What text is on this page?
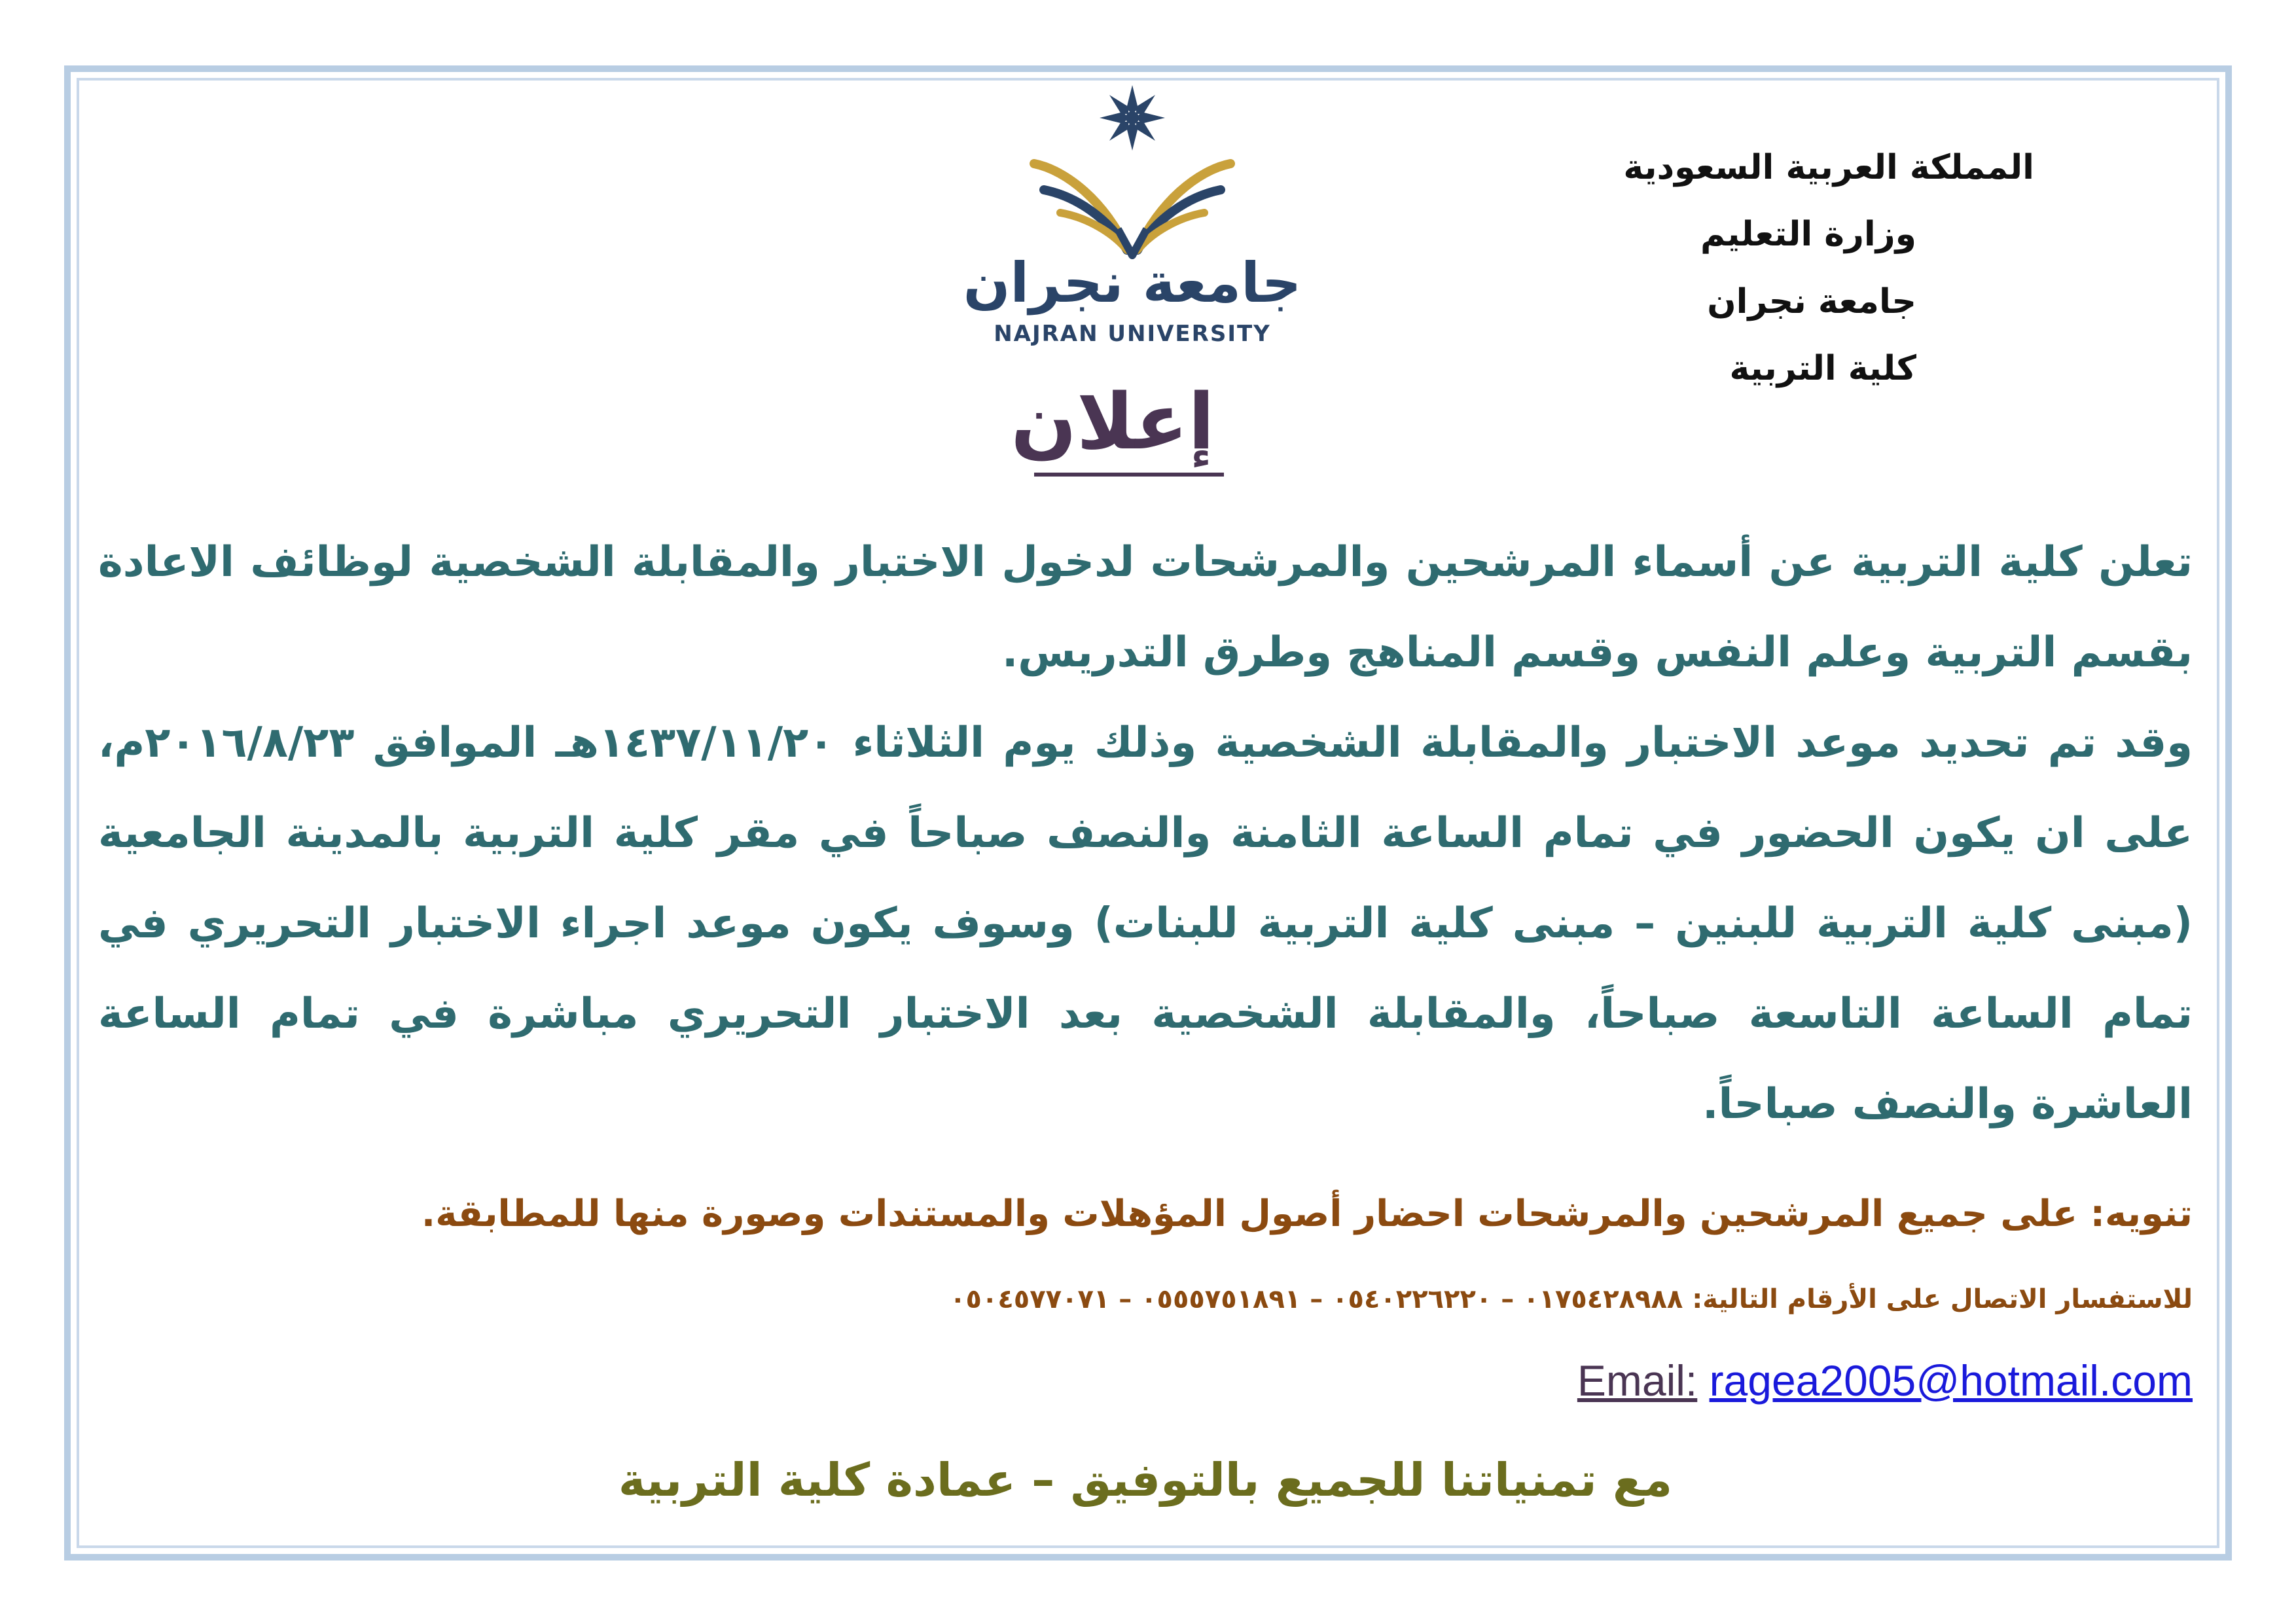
المملكة العربية السعودية
وزارة التعليم
جامعة نجران
كلية التربية
جامعة نجران
NAJRAN UNIVERSITY
إعلان

تعلن كلية التربية عن أسماء المرشحين والمرشحات لدخول الاختبار والمقابلة الشخصية لوظائف الاعادة بقسم التربية وعلم النفس وقسم المناهج وطرق التدريس.

وقد تم تحديد موعد الاختبار والمقابلة الشخصية وذلك يوم الثلاثاء ١٤٣٧/١١/٢٠هـ الموافق ٢٠١٦/٨/٢٣م، على ان يكون الحضور في تمام الساعة الثامنة والنصف صباحاً في مقر كلية التربية بالمدينة الجامعية (مبنى كلية التربية للبنين – مبنى كلية التربية للبنات) وسوف يكون موعد اجراء الاختبار التحريري في تمام الساعة التاسعة صباحاً، والمقابلة الشخصية بعد الاختبار التحريري مباشرة في تمام الساعة العاشرة والنصف صباحاً.

تنويه: على جميع المرشحين والمرشحات احضار أصول المؤهلات والمستندات وصورة منها للمطابقة.
للاستفسار الاتصال على الأرقام التالية: ٠١٧٥٤٢٨٩٨٨ – ٠٥٤٠٢٢٦٢٢٠ – ٠٥٥٥٧٥١٨٩١ – ٠٥٠٤٥٧٧٠٧١
Email: ragea2005@hotmail.com
مع تمنياتنا للجميع بالتوفيق – عمادة كلية التربية
